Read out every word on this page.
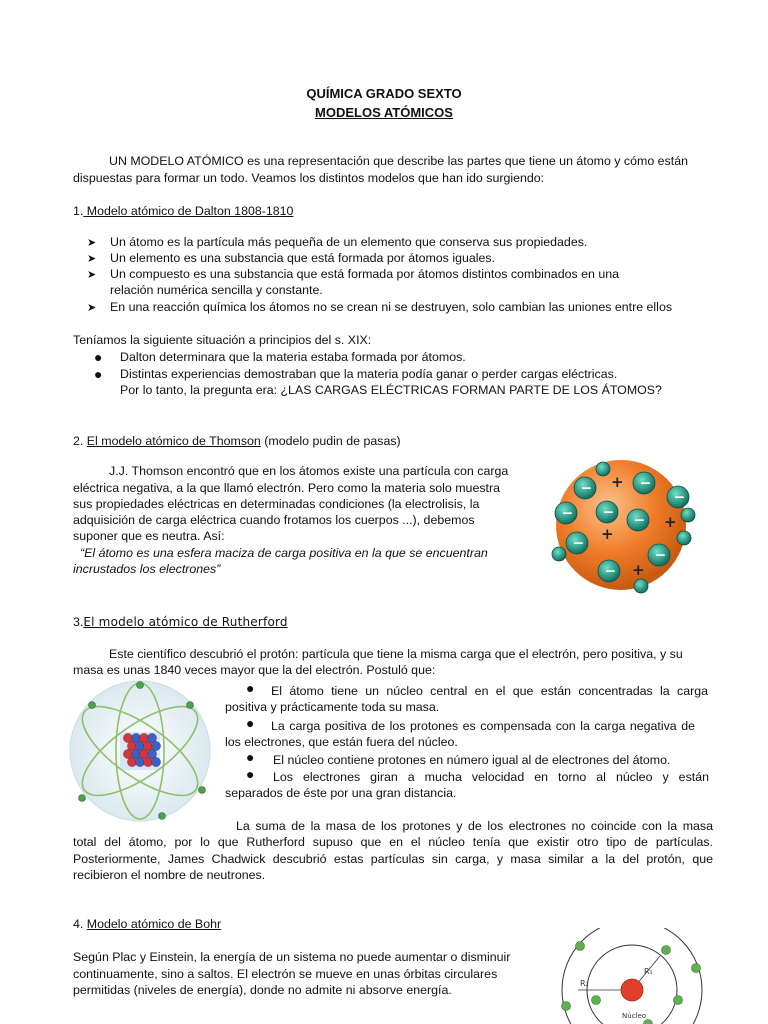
QUÍMICA GRADO SEXTO
MODELOS ATÓMICOS
UN MODELO ATÓMICO es una representación que describe las partes que tiene un átomo y cómo están
dispuestas para formar un todo. Veamos los distintos modelos que han ido surgiendo:
1. Modelo atómico de Dalton 1808-1810
➤ Un átomo es la partícula más pequeña de un elemento que conserva sus propiedades.
➤ Un elemento es una substancia que está formada por átomos iguales.
➤ Un compuesto es una substancia que está formada por átomos distintos combinados en una
relación numérica sencilla y constante.
➤ En una reacción química los átomos no se crean ni se destruyen, solo cambian las uniones entre ellos
Teníamos la siguiente situación a principios del s. XIX:
● Dalton determinara que la materia estaba formada por átomos.
● Distintas experiencias demostraban que la materia podía ganar o perder cargas eléctricas.
Por lo tanto, la pregunta era: ¿LAS CARGAS ELÉCTRICAS FORMAN PARTE DE LOS ÁTOMOS?
2. El modelo atómico de Thomson (modelo pudin de pasas)
J.J. Thomson encontró que en los átomos existe una partícula con carga
eléctrica negativa, a la que llamó electrón. Pero como la materia solo muestra
sus propiedades eléctricas en determinadas condiciones (la electrolisis, la
adquisición de carga eléctrica cuando frotamos los cuerpos ...), debemos
suponer que es neutra. Así:
“El átomo es una esfera maciza de carga positiva en la que se encuentran
incrustados los electrones”
−	−
− −
−
−
−
−
−
+
+
+
+
3.El modelo atómico de Rutherford
Este científico descubrió el protón: partícula que tiene la misma carga que el electrón, pero positiva, y su
masa es unas 1840 veces mayor que la del electrón. Postuló que:
● El átomo tiene un núcleo central en el que están concentradas la carga
positiva y prácticamente toda su masa.
● La carga positiva de los protones es compensada con la carga negativa de
los electrones, que están fuera del núcleo.
● El núcleo contiene protones en número igual al de electrones del átomo.
● Los electrones giran a mucha velocidad en torno al núcleo y están
separados de éste por una gran distancia.
La suma de la masa de los protones y de los electrones no coincide con la masa
total del átomo, por lo que Rutherford supuso que en el núcleo tenía que existir otro tipo de partículas.
Posteriormente, James Chadwick descubrió estas partículas sin carga, y masa similar a la del protón, que
recibieron el nombre de neutrones.
4. Modelo atómico de Bohr
Según Plac y Einstein, la energía de un sistema no puede aumentar o disminuir
continuamente, sino a saltos. El electrón se mueve en unas órbitas circulares
permitidas (niveles de energía), donde no admite ni absorve energía.
R₁
R₂
Núcleo
